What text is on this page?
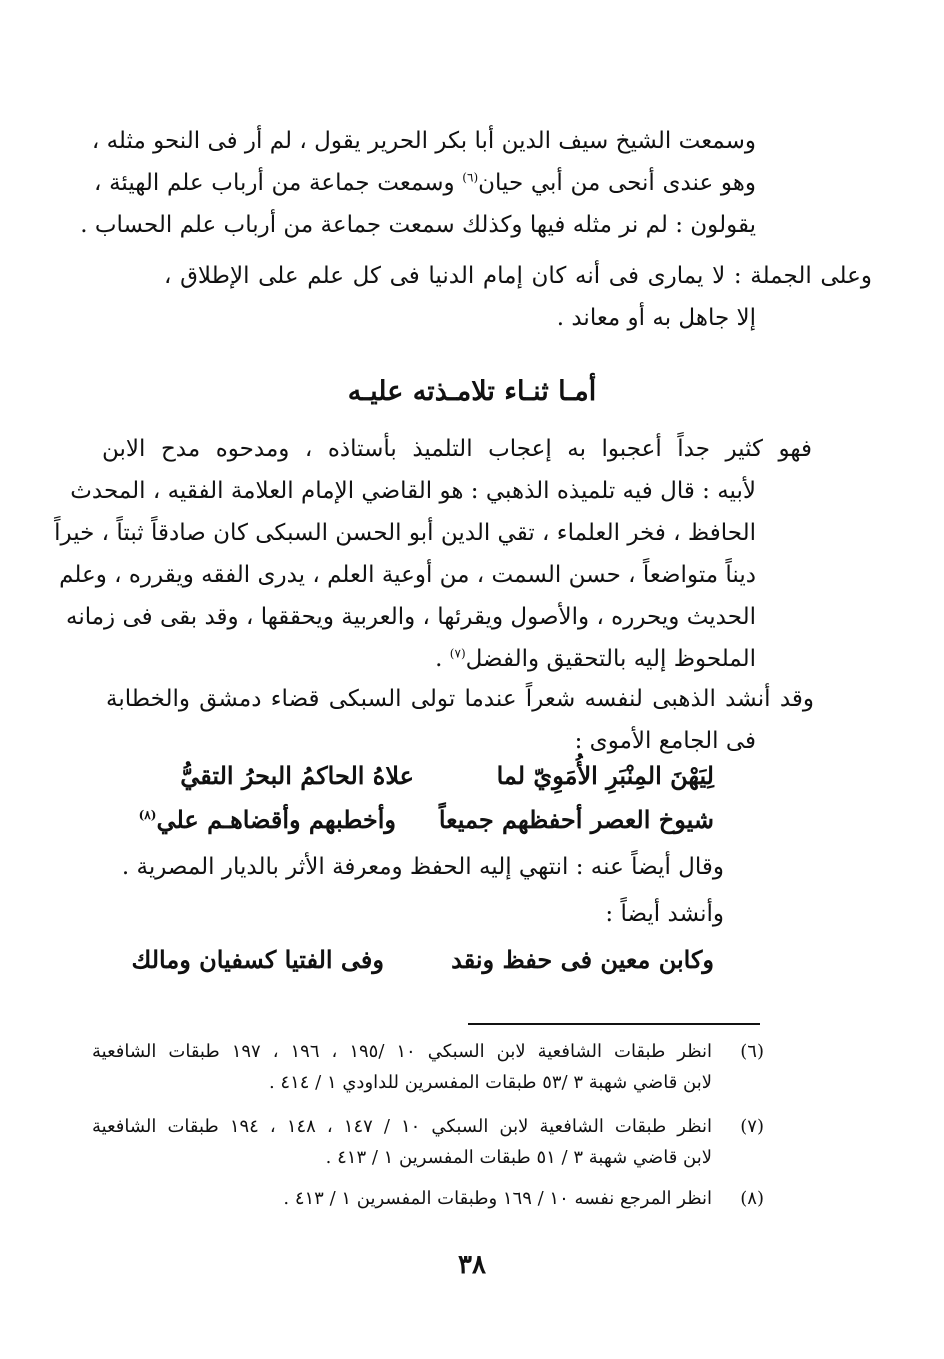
وسمعت الشيخ سيف الدين أبا بكر الحرير يقول ، لم أر فى النحو مثله ،
وهو عندى أنحى من أبي حيان$^{(٦)}$ وسمعت جماعة من أرباب علم الهيئة ،
يقولون : لم نر مثله فيها وكذلك سمعت جماعة من أرباب علم الحساب .
وعلى الجملة : لا يمارى فى أنه كان إمام الدنيا فى كل علم على الإطلاق ،
إلا جاهل به أو معاند .
أمـا ثنـاء تلامـذته عليـه
فهو كثير جداً أعجبوا به إعجاب التلميذ بأستاذه ، ومدحوه مدح الابن
لأبيه : قال فيه تلميذه الذهبي : هو القاضي الإمام العلامة الفقيه ، المحدث
الحافظ ، فخر العلماء ، تقي الدين أبو الحسن السبكى كان صادقاً ثبتاً ، خيراً
ديناً متواضعاً ، حسن السمت ، من أوعية العلم ، يدرى الفقه ويقرره ، وعلم
الحديث ويحرره ، والأصول ويقرئها ، والعربية ويحققها ، وقد بقى فى زمانه
الملحوظ إليه بالتحقيق والفضل$^{(٧)}$ .
وقد أنشد الذهبى لنفسه شعراً عندما تولى السبكى قضاء دمشق والخطابة
فى الجامع الأموى :
لِيَهْنَ المِنْبَرِ الأُمَوِيّ لما
علاهُ الحاكمُ البحرُ التقيُّ
شيوخ العصر أحفظهم جميعاً
وأخطبهم وأقضاهـم علي$^{(٨)}$
وقال أيضاً عنه : انتهي إليه الحفظ ومعرفة الأثر بالديار المصرية .
وأنشد أيضاً :
وكابن معين فى حفظ ونقد
وفى الفتيا كسفيان ومالك
(٦)
انظر طبقات الشافعية لابن السبكي ١٠ /١٩٥ ، ١٩٦ ، ١٩٧ طبقات الشافعية
لابن قاضي شهبة ٣ /٥٣ طبقات المفسرين للداودي ١ / ٤١٤ .
(٧)
انظر طبقات الشافعية لابن السبكي ١٠ / ١٤٧ ، ١٤٨ ، ١٩٤ طبقات الشافعية
لابن قاضي شهبة ٣ / ٥١ طبقات المفسرين ١ / ٤١٣ .
(٨)
انظر المرجع نفسه ١٠ / ١٦٩ وطبقات المفسرين ١ / ٤١٣ .
٣٨
